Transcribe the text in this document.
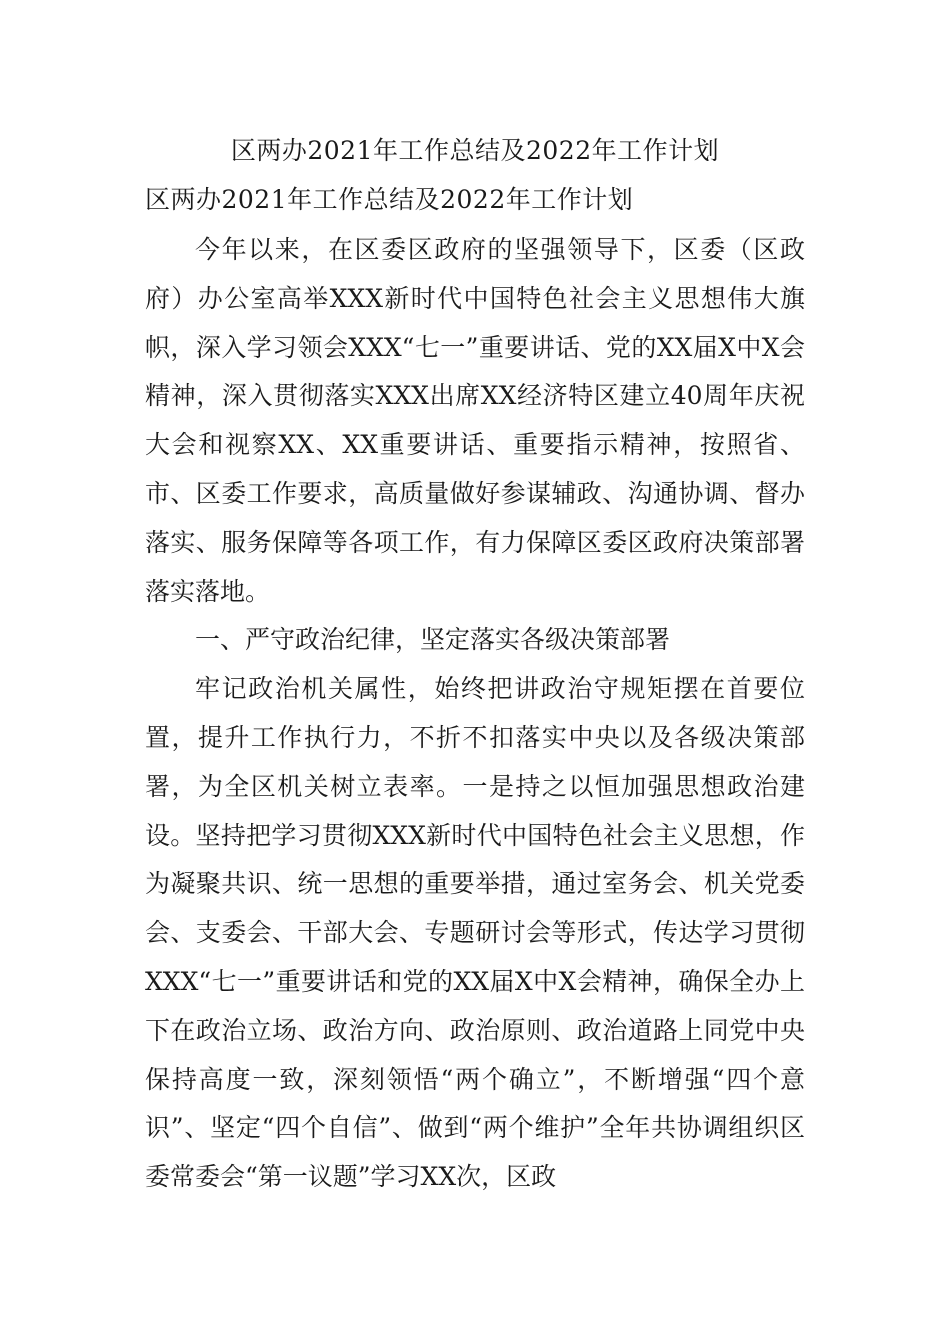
区两办2021年工作总结及2022年工作计划
区两办2021年工作总结及2022年工作计划

今年以来，在区委区政府的坚强领导下，区委（区政府）办公室高举XXX新时代中国特色社会主义思想伟大旗帜，深入学习领会XXX“七一”重要讲话、党的XX届X中X会精神，深入贯彻落实XXX出席XX经济特区建立40周年庆祝大会和视察XX、XX重要讲话、重要指示精神，按照省、市、区委工作要求，高质量做好参谋辅政、沟通协调、督办落实、服务保障等各项工作，有力保障区委区政府决策部署落实落地。

一、严守政治纪律，坚定落实各级决策部署

牢记政治机关属性，始终把讲政治守规矩摆在首要位置，提升工作执行力，不折不扣落实中央以及各级决策部署，为全区机关树立表率。一是持之以恒加强思想政治建设。坚持把学习贯彻XXX新时代中国特色社会主义思想，作为凝聚共识、统一思想的重要举措，通过室务会、机关党委会、支委会、干部大会、专题研讨会等形式，传达学习贯彻XXX“七一”重要讲话和党的XX届X中X会精神，确保全办上下在政治立场、政治方向、政治原则、政治道路上同党中央保持高度一致，深刻领悟“两个确立”，不断增强“四个意识”、坚定“四个自信”、做到“两个维护”全年共协调组织区委常委会“第一议题”学习XX次，区政
